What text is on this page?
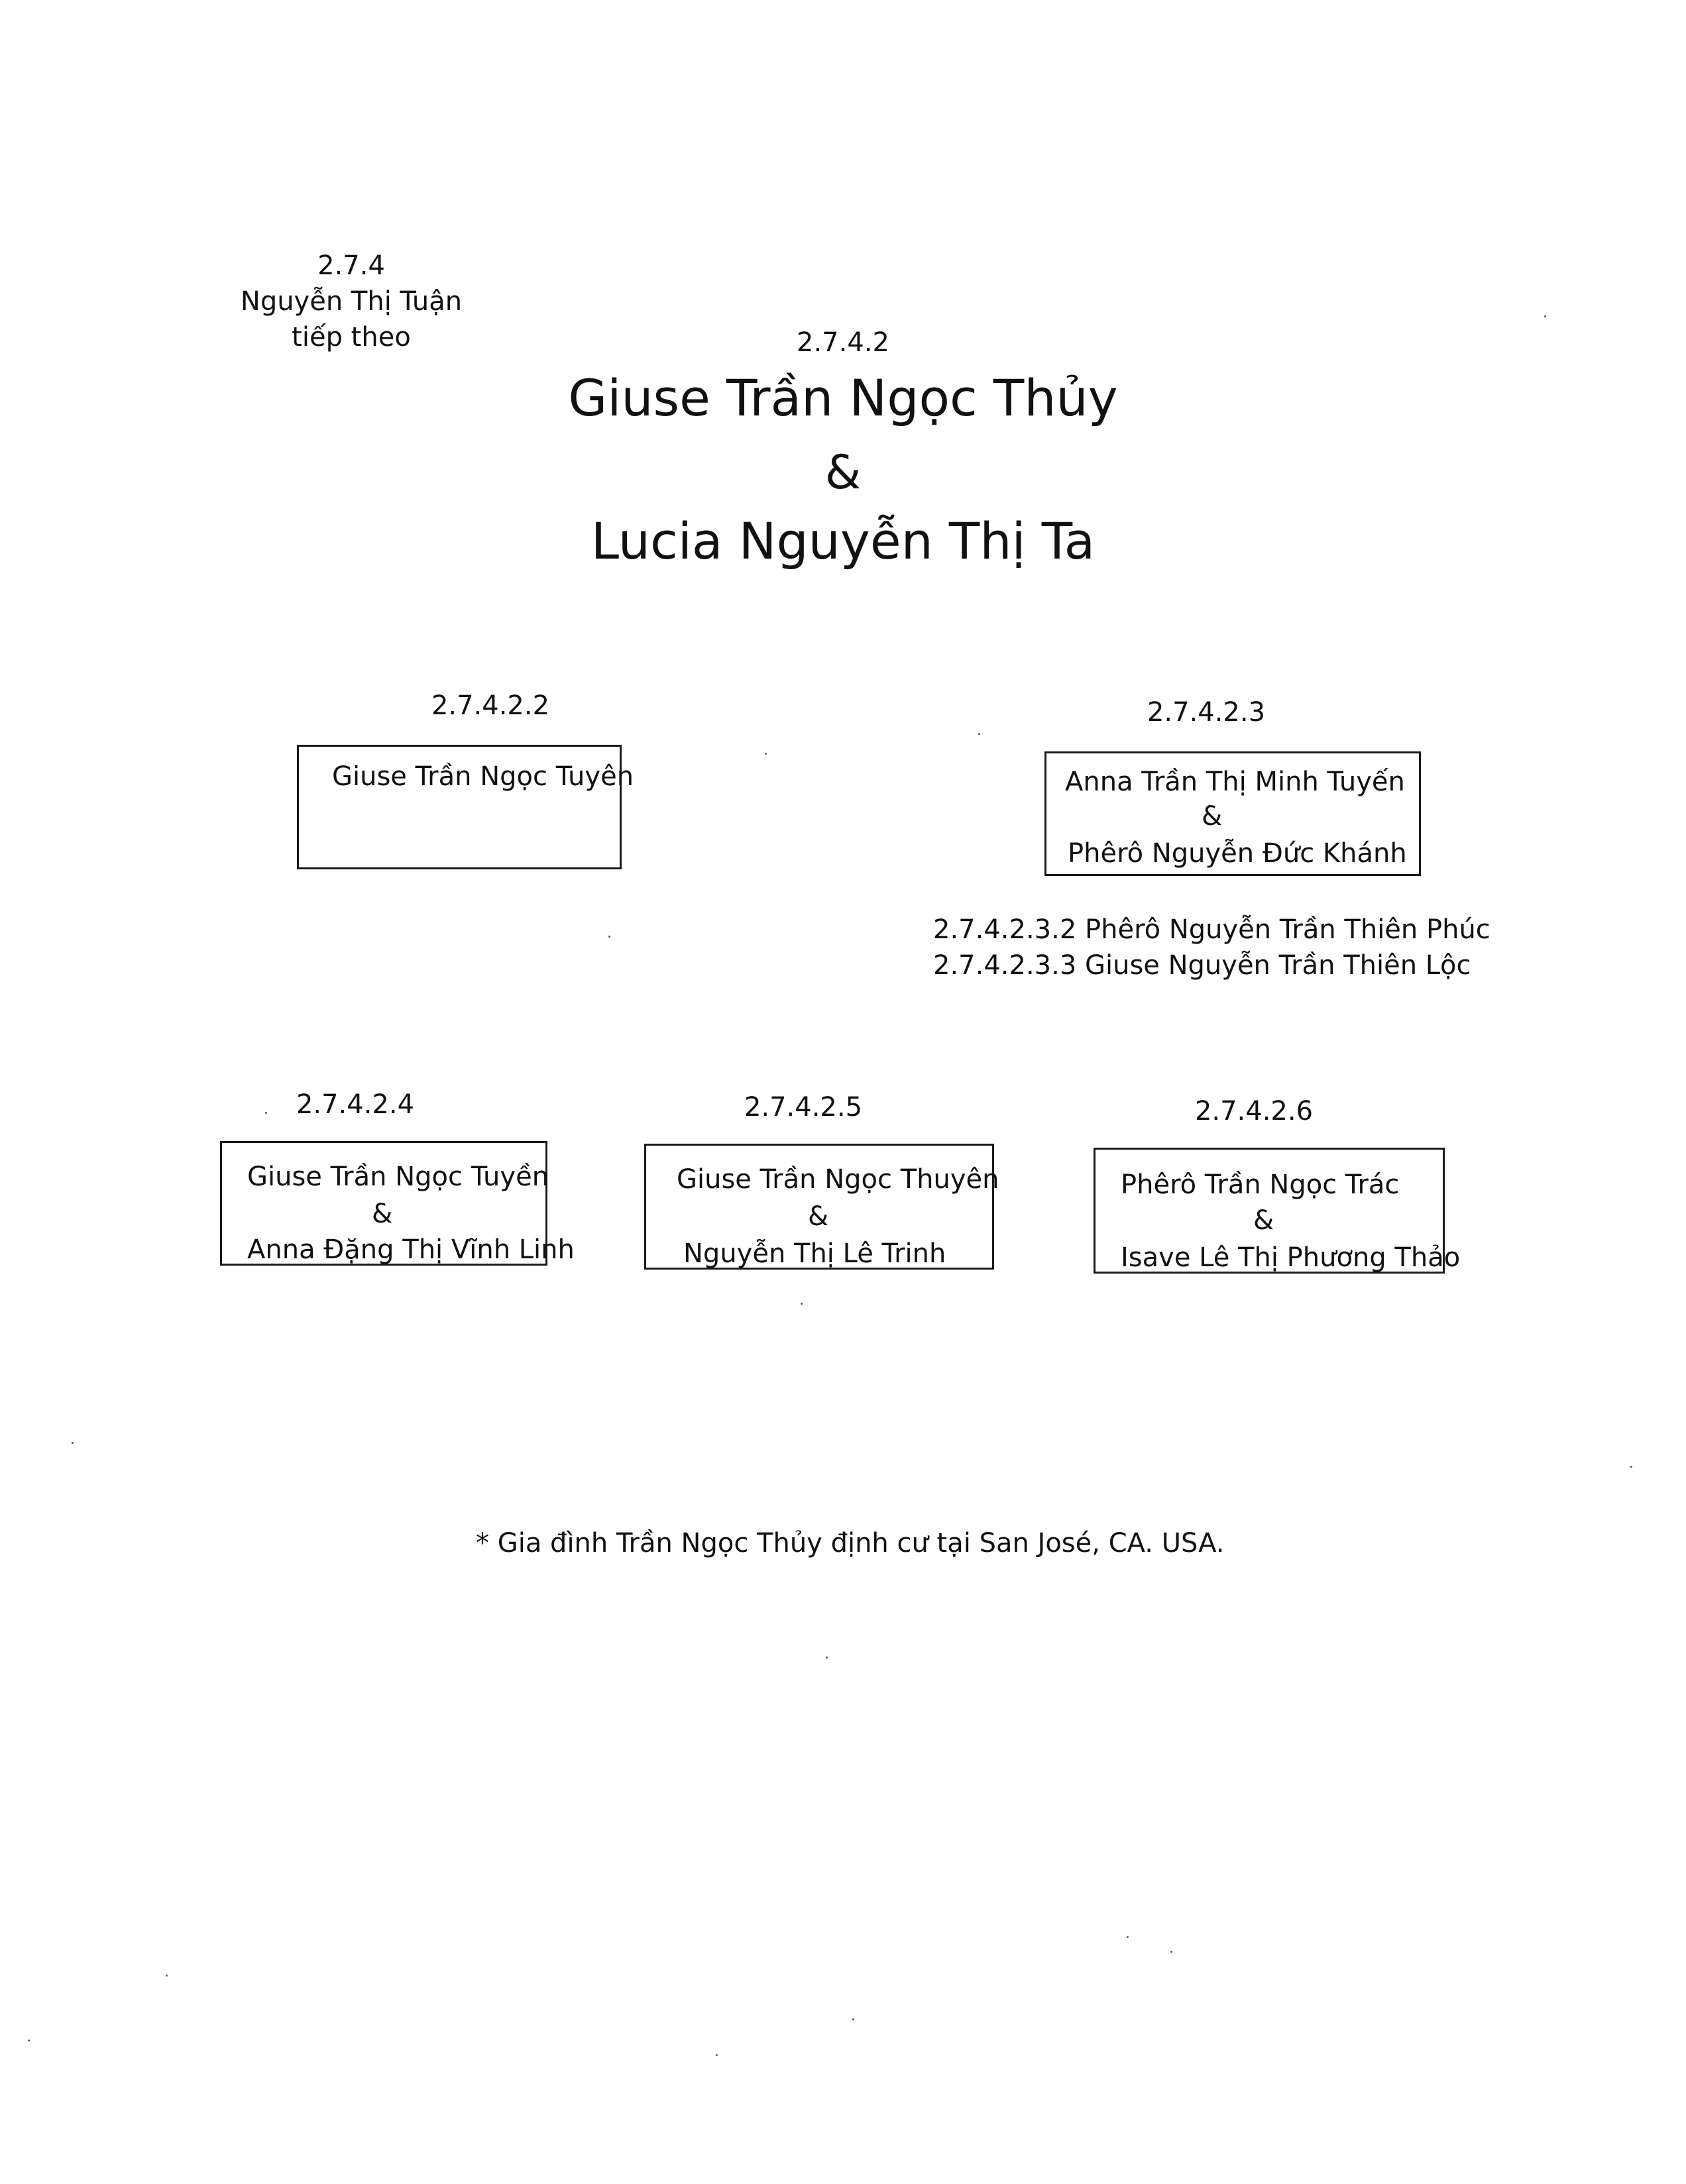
2.7.4
Nguyễn Thị Tuận
tiếp theo	2.7.4.2
Giuse Trần Ngọc Thủy
&
Lucia Nguyễn Thị Ta
2.7.4.2.2
Giuse Trần Ngọc Tuyên
2.7.4.2.3
Anna Trần Thị Minh Tuyến
&
Phêrô Nguyễn Đức Khánh
2.7.4.2.3.2 Phêrô Nguyễn Trần Thiên Phúc
2.7.4.2.3.3 Giuse Nguyễn Trần Thiên Lộc
2.7.4.2.4
Giuse Trần Ngọc Tuyền
&
Anna Đặng Thị Vĩnh Linh
2.7.4.2.5
Giuse Trần Ngọc Thuyên
&
Nguyễn Thị Lê Trinh
2.7.4.2.6
Phêrô Trần Ngọc Trác
&
Isave Lê Thị Phương Thảo
* Gia đình Trần Ngọc Thủy định cư tại San José, CA. USA.
